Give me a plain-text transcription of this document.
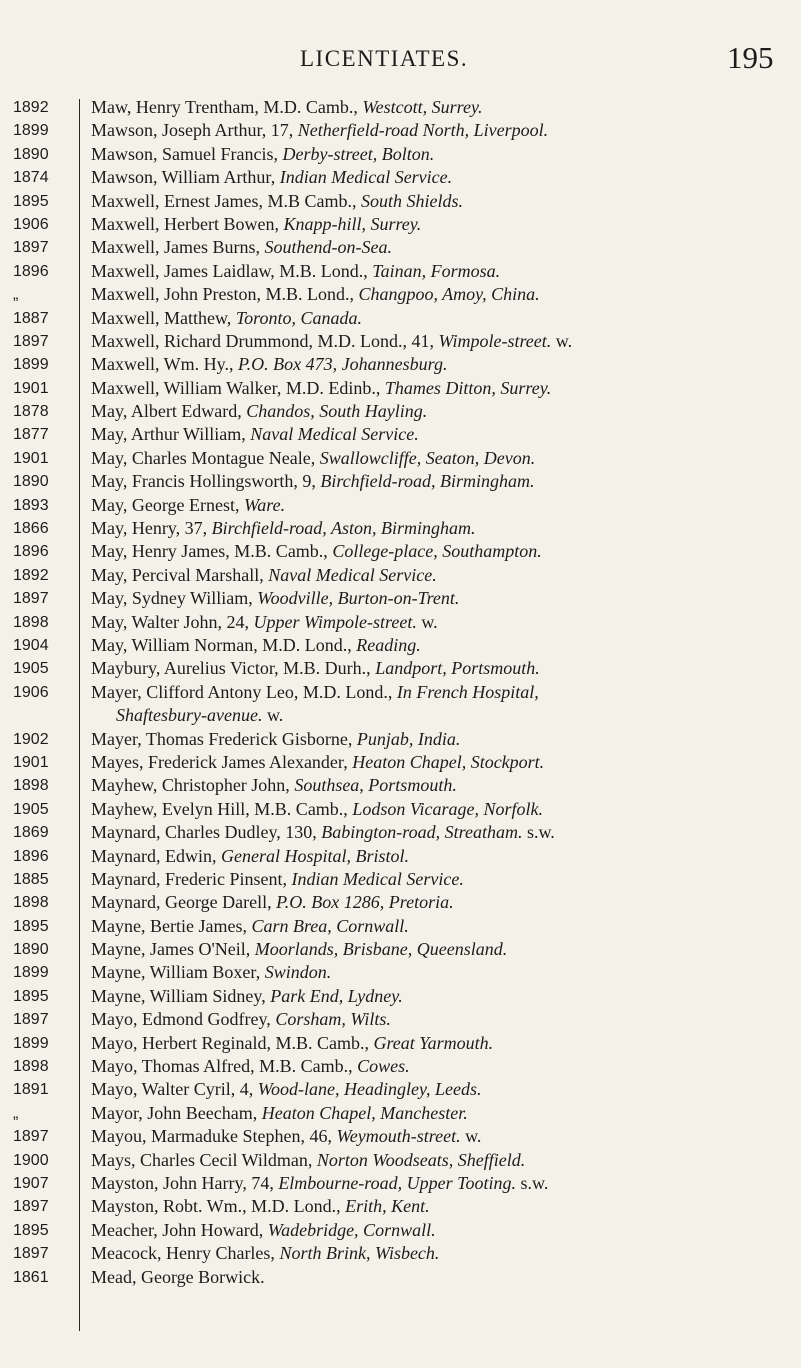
LICENTIATES.	195
1892	Maw, Henry Trentham, M.D. Camb., Westcott, Surrey.
1899	Mawson, Joseph Arthur, 17, Netherfield-road North, Liverpool.
1890	Mawson, Samuel Francis, Derby-street, Bolton.
1874	Mawson, William Arthur, Indian Medical Service.
1895	Maxwell, Ernest James, M.B Camb., South Shields.
1906	Maxwell, Herbert Bowen, Knapp-hill, Surrey.
1897	Maxwell, James Burns, Southend-on-Sea.
1896	Maxwell, James Laidlaw, M.B. Lond., Tainan, Formosa.
„	Maxwell, John Preston, M.B. Lond., Changpoo, Amoy, China.
1887	Maxwell, Matthew, Toronto, Canada.
1897	Maxwell, Richard Drummond, M.D. Lond., 41, Wimpole-street. w.
1899	Maxwell, Wm. Hy., P.O. Box 473, Johannesburg.
1901	Maxwell, William Walker, M.D. Edinb., Thames Ditton, Surrey.
1878	May, Albert Edward, Chandos, South Hayling.
1877	May, Arthur William, Naval Medical Service.
1901	May, Charles Montague Neale, Swallowcliffe, Seaton, Devon.
1890	May, Francis Hollingsworth, 9, Birchfield-road, Birmingham.
1893	May, George Ernest, Ware.
1866	May, Henry, 37, Birchfield-road, Aston, Birmingham.
1896	May, Henry James, M.B. Camb., College-place, Southampton.
1892	May, Percival Marshall, Naval Medical Service.
1897	May, Sydney William, Woodville, Burton-on-Trent.
1898	May, Walter John, 24, Upper Wimpole-street. w.
1904	May, William Norman, M.D. Lond., Reading.
1905	Maybury, Aurelius Victor, M.B. Durh., Landport, Portsmouth.
1906	Mayer, Clifford Antony Leo, M.D. Lond., In French Hospital,
Shaftesbury-avenue. w.
1902	Mayer, Thomas Frederick Gisborne, Punjab, India.
1901	Mayes, Frederick James Alexander, Heaton Chapel, Stockport.
1898	Mayhew, Christopher John, Southsea, Portsmouth.
1905	Mayhew, Evelyn Hill, M.B. Camb., Lodson Vicarage, Norfolk.
1869	Maynard, Charles Dudley, 130, Babington-road, Streatham. s.w.
1896	Maynard, Edwin, General Hospital, Bristol.
1885	Maynard, Frederic Pinsent, Indian Medical Service.
1898	Maynard, George Darell, P.O. Box 1286, Pretoria.
1895	Mayne, Bertie James, Carn Brea, Cornwall.
1890	Mayne, James O'Neil, Moorlands, Brisbane, Queensland.
1899	Mayne, William Boxer, Swindon.
1895	Mayne, William Sidney, Park End, Lydney.
1897	Mayo, Edmond Godfrey, Corsham, Wilts.
1899	Mayo, Herbert Reginald, M.B. Camb., Great Yarmouth.
1898	Mayo, Thomas Alfred, M.B. Camb., Cowes.
1891	Mayo, Walter Cyril, 4, Wood-lane, Headingley, Leeds.
„	Mayor, John Beecham, Heaton Chapel, Manchester.
1897	Mayou, Marmaduke Stephen, 46, Weymouth-street. w.
1900	Mays, Charles Cecil Wildman, Norton Woodseats, Sheffield.
1907	Mayston, John Harry, 74, Elmbourne-road, Upper Tooting. s.w.
1897	Mayston, Robt. Wm., M.D. Lond., Erith, Kent.
1895	Meacher, John Howard, Wadebridge, Cornwall.
1897	Meacock, Henry Charles, North Brink, Wisbech.
1861	Mead, George Borwick.
